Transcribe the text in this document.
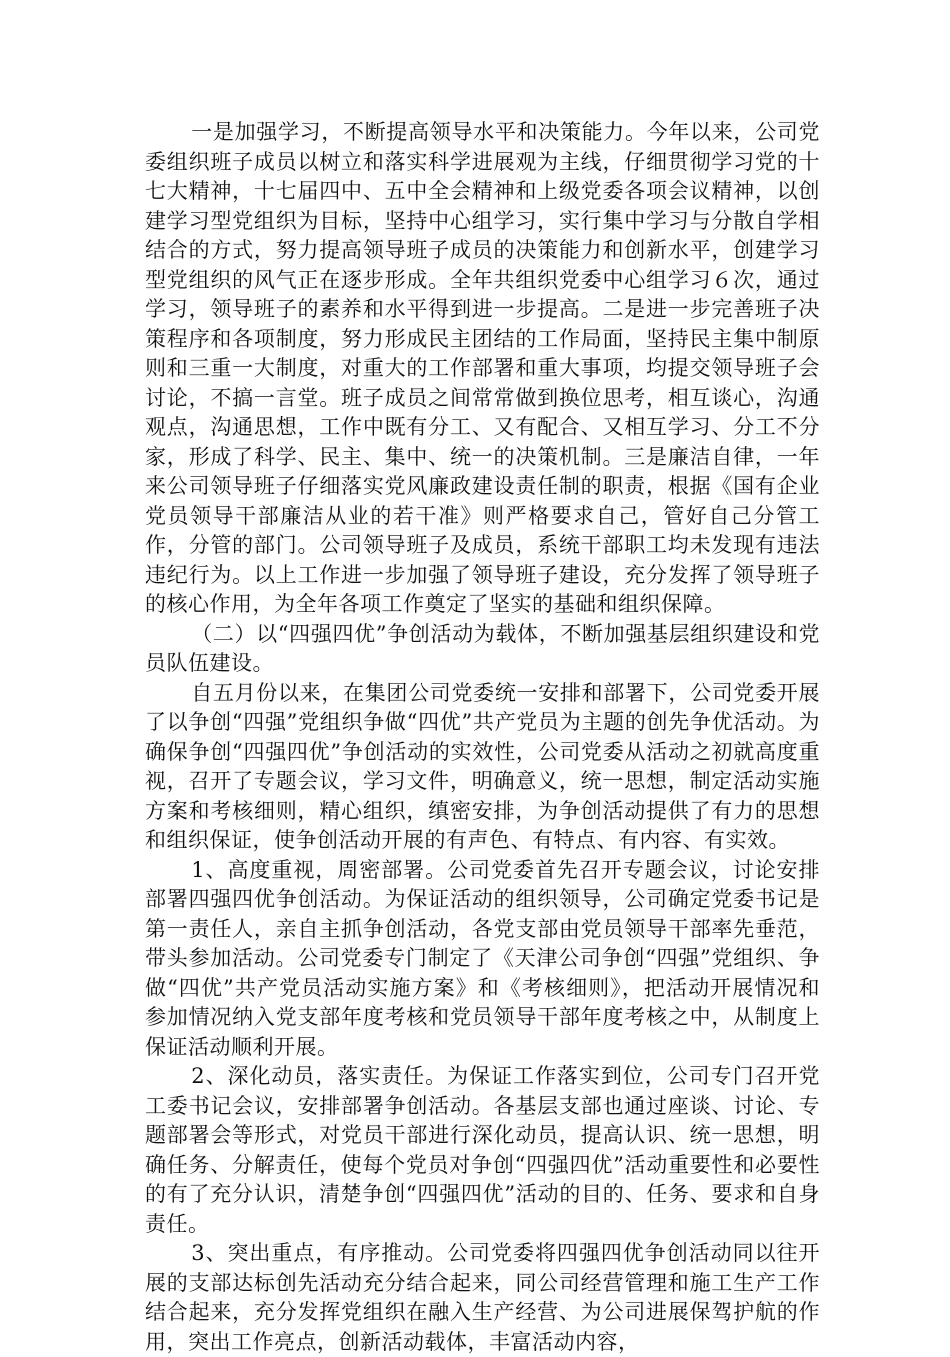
一是加强学习，不断提高领导水平和决策能力。今年以来，公司党委组织班子成员以树立和落实科学进展观为主线，仔细贯彻学习党的十七大精神，十七届四中、五中全会精神和上级党委各项会议精神，以创建学习型党组织为目标，坚持中心组学习，实行集中学习与分散自学相结合的方式，努力提高领导班子成员的决策能力和创新水平，创建学习型党组织的风气正在逐步形成。全年共组织党委中心组学习６次，通过学习，领导班子的素养和水平得到进一步提高。二是进一步完善班子决策程序和各项制度，努力形成民主团结的工作局面，坚持民主集中制原则和三重一大制度，对重大的工作部署和重大事项，均提交领导班子会讨论，不搞一言堂。班子成员之间常常做到换位思考，相互谈心，沟通观点，沟通思想，工作中既有分工、又有配合、又相互学习、分工不分家，形成了科学、民主、集中、统一的决策机制。三是廉洁自律，一年来公司领导班子仔细落实党风廉政建设责任制的职责，根据《国有企业党员领导干部廉洁从业的若干准》则严格要求自己，管好自己分管工作，分管的部门。公司领导班子及成员，系统干部职工均未发现有违法违纪行为。以上工作进一步加强了领导班子建设，充分发挥了领导班子的核心作用，为全年各项工作奠定了坚实的基础和组织保障。

（二）以“四强四优”争创活动为载体，不断加强基层组织建设和党员队伍建设。

自五月份以来，在集团公司党委统一安排和部署下，公司党委开展了以争创“四强”党组织争做“四优”共产党员为主题的创先争优活动。为确保争创“四强四优”争创活动的实效性，公司党委从活动之初就高度重视，召开了专题会议，学习文件，明确意义，统一思想，制定活动实施方案和考核细则，精心组织，缜密安排，为争创活动提供了有力的思想和组织保证，使争创活动开展的有声色、有特点、有内容、有实效。

1、高度重视，周密部署。公司党委首先召开专题会议，讨论安排部署四强四优争创活动。为保证活动的组织领导，公司确定党委书记是第一责任人，亲自主抓争创活动，各党支部由党员领导干部率先垂范，带头参加活动。公司党委专门制定了《天津公司争创“四强”党组织、争做“四优”共产党员活动实施方案》和《考核细则》，把活动开展情况和参加情况纳入党支部年度考核和党员领导干部年度考核之中，从制度上保证活动顺利开展。

2、深化动员，落实责任。为保证工作落实到位，公司专门召开党工委书记会议，安排部署争创活动。各基层支部也通过座谈、讨论、专题部署会等形式，对党员干部进行深化动员，提高认识、统一思想，明确任务、分解责任，使每个党员对争创“四强四优”活动重要性和必要性的有了充分认识，清楚争创“四强四优”活动的目的、任务、要求和自身责任。

3、突出重点，有序推动。公司党委将四强四优争创活动同以往开展的支部达标创先活动充分结合起来，同公司经营管理和施工生产工作结合起来，充分发挥党组织在融入生产经营、为公司进展保驾护航的作用，突出工作亮点，创新活动载体，丰富活动内容，
